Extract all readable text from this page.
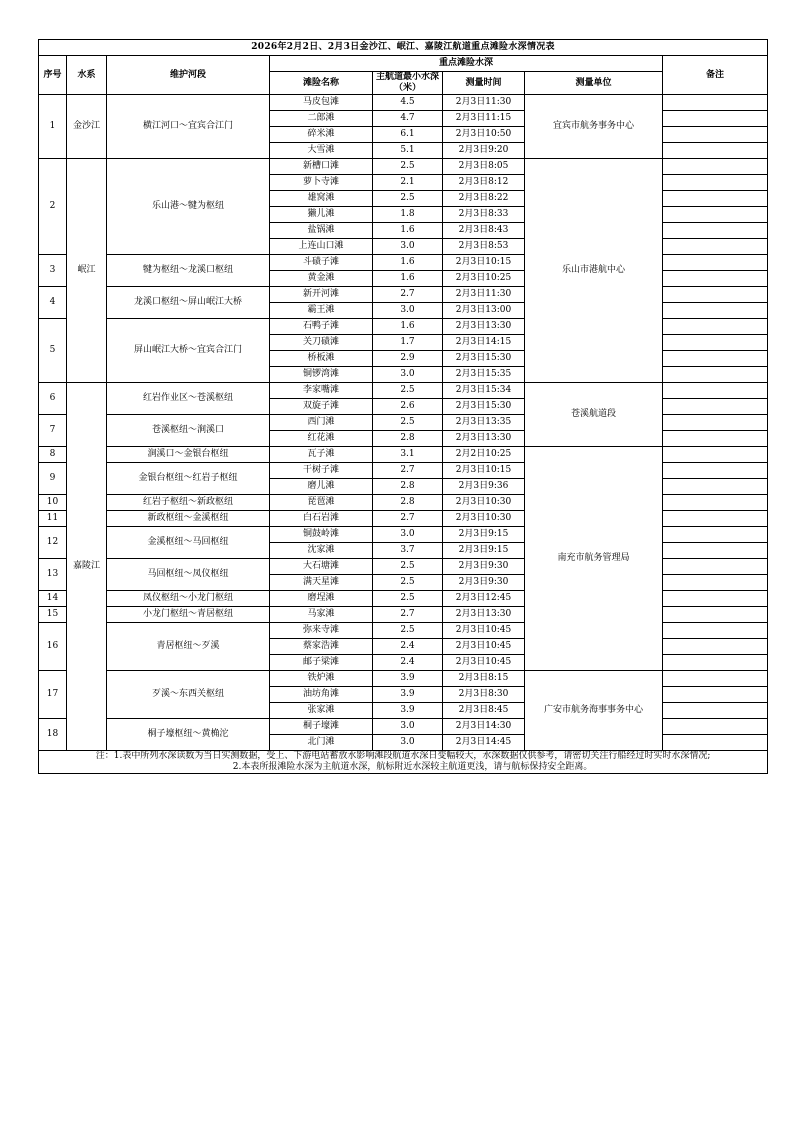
2026年2月2日、2月3日金沙江、岷江、嘉陵江航道重点滩险水深情况表							
序号	水系	维护河段	重点滩险水深				备注
			滩险名称	主航道最小水深（米）	测量时间	测量单位	
1	金沙江	横江河口～宜宾合江门	马皮包滩	4.5	2月3日11:30	宜宾市航务事务中心	
			二郎滩	4.7	2月3日11:15		
			碎米滩	6.1	2月3日10:50		
			大雪滩	5.1	2月3日9:20		
2	岷江	乐山港～犍为枢纽	新槽口滩	2.5	2月3日8:05	乐山市港航中心	
			萝卜寺滩	2.1	2月3日8:12		
			雄窝滩	2.5	2月3日8:22		
			獭儿滩	1.8	2月3日8:33		
			盐锅滩	1.6	2月3日8:43		
			上连山口滩	3.0	2月3日8:53		
3		犍为枢纽～龙溪口枢纽	斗碛子滩	1.6	2月3日10:15		
			黄金滩	1.6	2月3日10:25		
4		龙溪口枢纽～屏山岷江大桥	新开河滩	2.7	2月3日11:30		
			霸王滩	3.0	2月3日13:00		
5		屏山岷江大桥～宜宾合江门	石鸭子滩	1.6	2月3日13:30		
			关刀碛滩	1.7	2月3日14:15		
			桥板滩	2.9	2月3日15:30		
			铜锣湾滩	3.0	2月3日15:35		
6	嘉陵江	红岩作业区～苍溪枢纽	李家嘴滩	2.5	2月3日15:34	苍溪航道段	
			双旋子滩	2.6	2月3日15:30		
7		苍溪枢纽～涧溪口	西门滩	2.5	2月3日13:35		
			红花滩	2.8	2月3日13:30		
8		涧溪口～金银台枢纽	瓦子滩	3.1	2月2日10:25	南充市航务管理局	
9		金银台枢纽～红岩子枢纽	干树子滩	2.7	2月3日10:15		
			磨儿滩	2.8	2月3日9:36		
10		红岩子枢纽～新政枢纽	琵琶滩	2.8	2月3日10:30		
11		新政枢纽～金溪枢纽	白石岩滩	2.7	2月3日10:30		
12		金溪枢纽～马回枢纽	铜鼓岭滩	3.0	2月3日9:15		
			沈家滩	3.7	2月3日9:15		
13		马回枢纽～凤仪枢纽	大石塘滩	2.5	2月3日9:30		
			满天星滩	2.5	2月3日9:30		
14		凤仪枢纽～小龙门枢纽	磨埕滩	2.5	2月3日12:45		
15		小龙门枢纽～青居枢纽	马家滩	2.7	2月3日13:30		
16		青居枢纽～歹溪	弥来寺滩	2.5	2月3日10:45		
			蔡家浩滩	2.4	2月3日10:45		
			邮子梁滩	2.4	2月3日10:45		
17		歹溪～东西关枢纽	铁炉滩	3.9	2月3日8:15	广安市航务海事事务中心	
			油坊角滩	3.9	2月3日8:30		
			张家滩	3.9	2月3日8:45		
18		桐子壕枢纽～黄桷沱	桐子壕滩	3.0	2月3日14:30		
			北门滩	3.0	2月3日14:45		

注：1.表中所列水深读数为当日实测数据，受上、下游电站蓄放水影响滩段航道水深日变幅较大，水深数据仅供参考，请密切关注行船经过时实时水深情况;
2.本表所报滩险水深为主航道水深，航标附近水深较主航道更浅，请与航标保持安全距离。							
